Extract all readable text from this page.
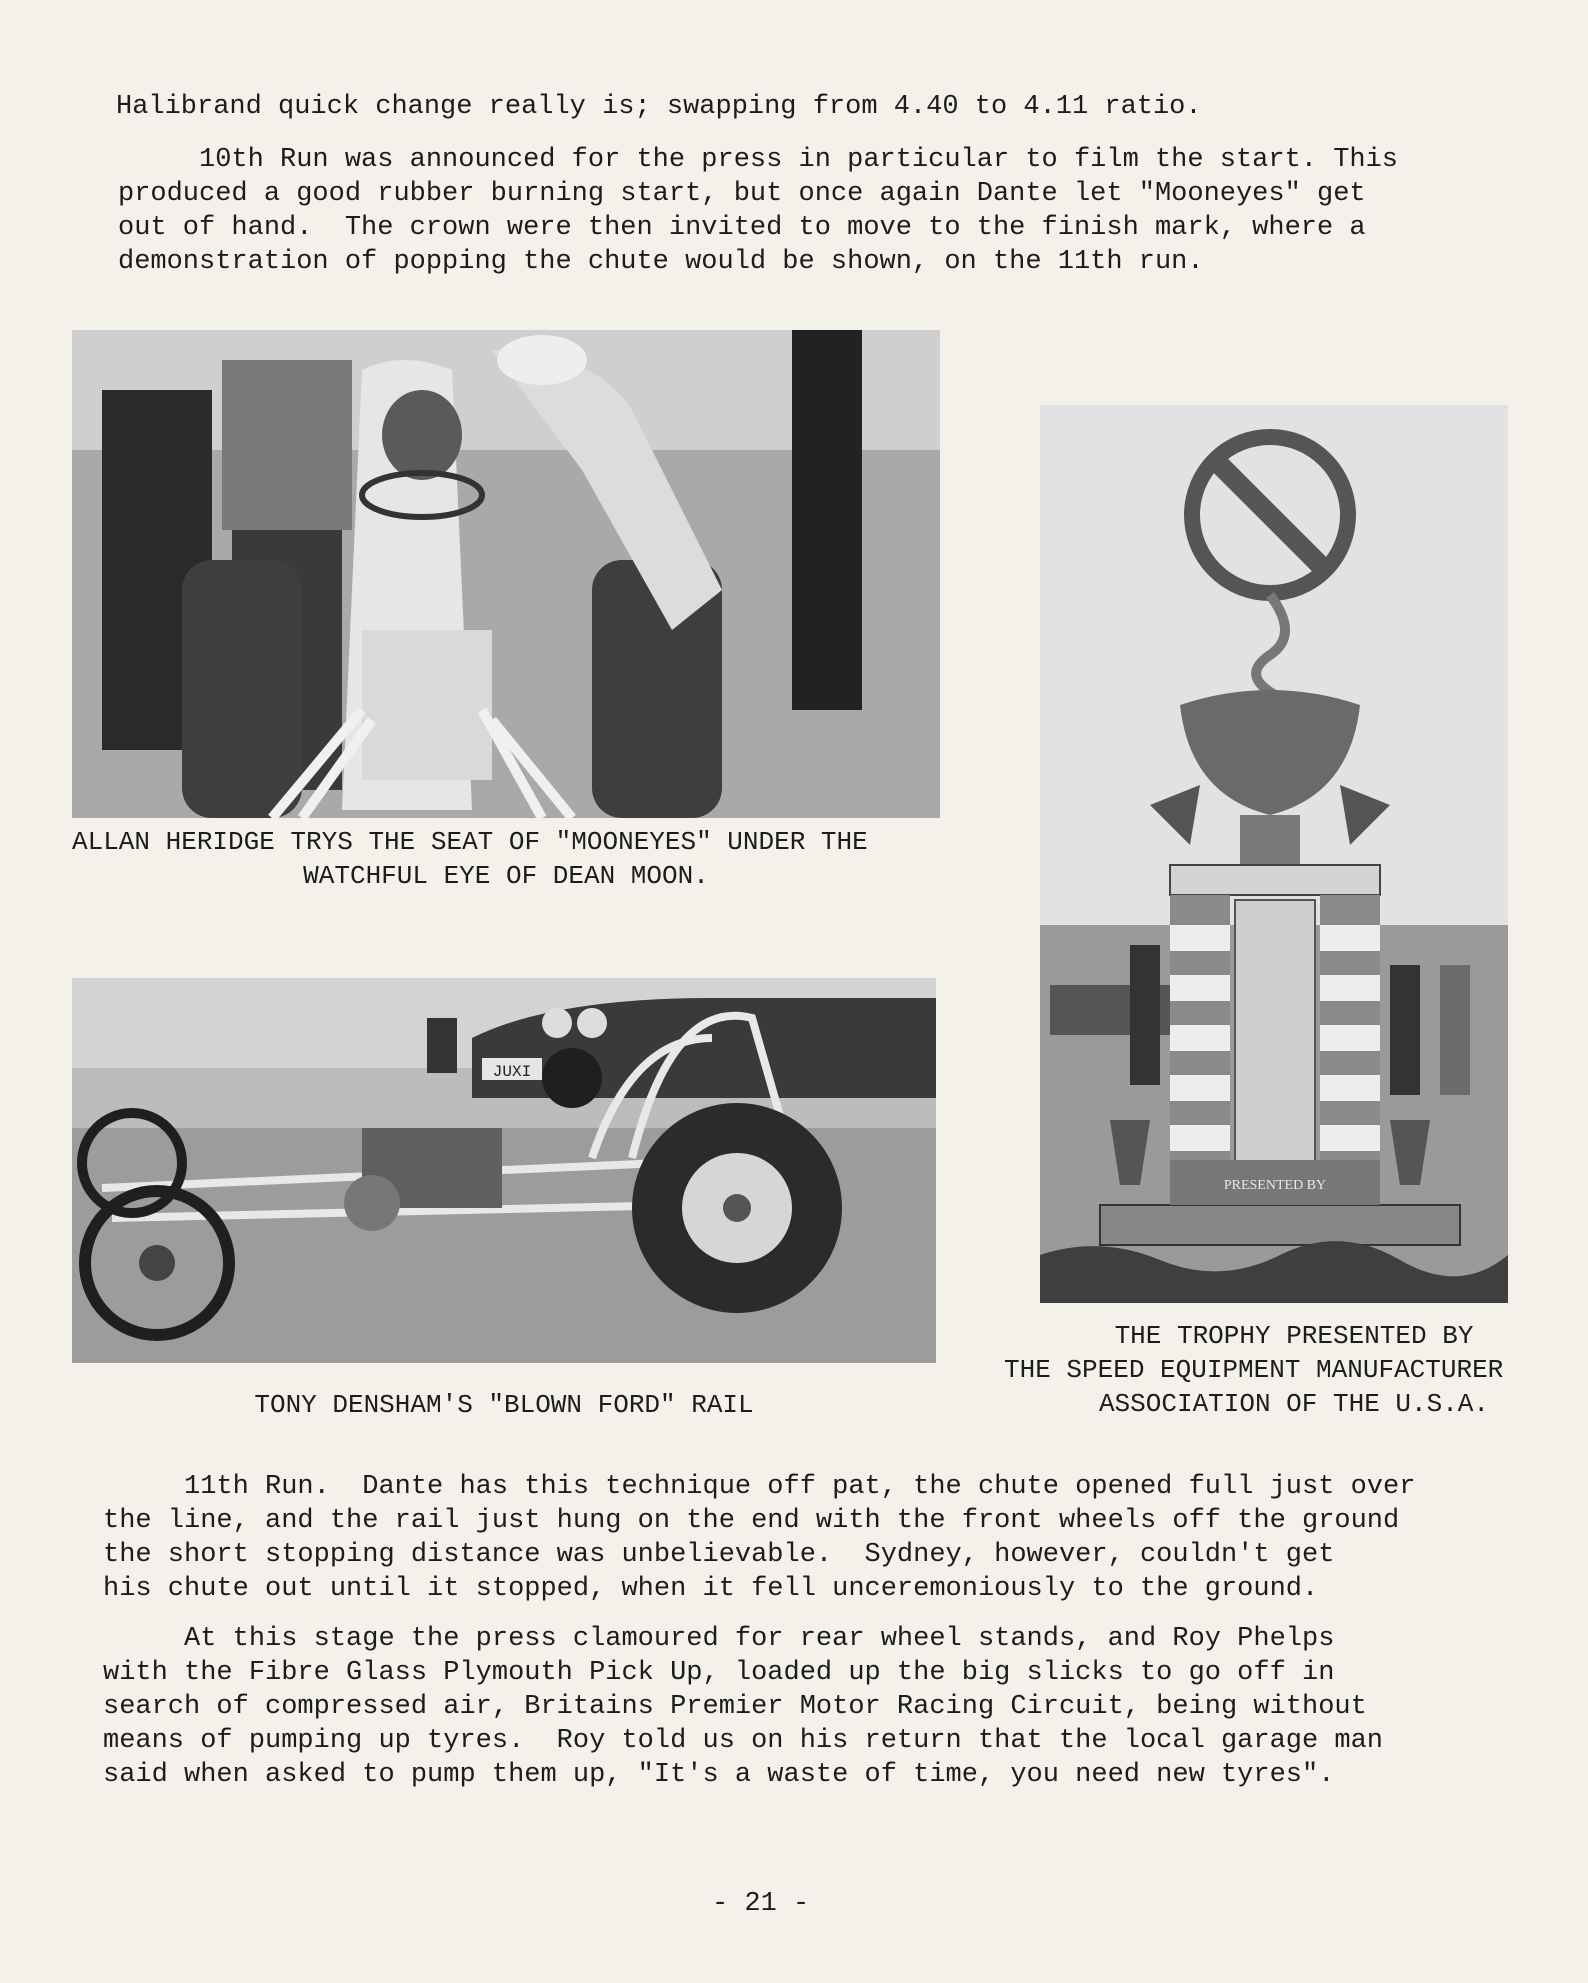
Halibrand quick change really is; swapping from 4.40 to 4.11 ratio.
10th Run was announced for the press in particular to film the start. This
produced a good rubber burning start, but once again Dante let "Mooneyes" get
out of hand.  The crown were then invited to move to the finish mark, where a
demonstration of popping the chute would be shown, on the 11th run.
ALLAN HERIDGE TRYS THE SEAT OF "MOONEYES" UNDER THE
WATCHFUL EYE OF DEAN MOON.
JUXI
TONY DENSHAM'S "BLOWN FORD" RAIL
PRESENTED BY
THE TROPHY PRESENTED BY
THE SPEED EQUIPMENT MANUFACTURER
ASSOCIATION OF THE U.S.A.
11th Run.  Dante has this technique off pat, the chute opened full just over
the line, and the rail just hung on the end with the front wheels off the ground
the short stopping distance was unbelievable.  Sydney, however, couldn't get
his chute out until it stopped, when it fell unceremoniously to the ground.
At this stage the press clamoured for rear wheel stands, and Roy Phelps
with the Fibre Glass Plymouth Pick Up, loaded up the big slicks to go off in
search of compressed air, Britains Premier Motor Racing Circuit, being without
means of pumping up tyres.  Roy told us on his return that the local garage man
said when asked to pump them up, "It's a waste of time, you need new tyres".
- 21 -
